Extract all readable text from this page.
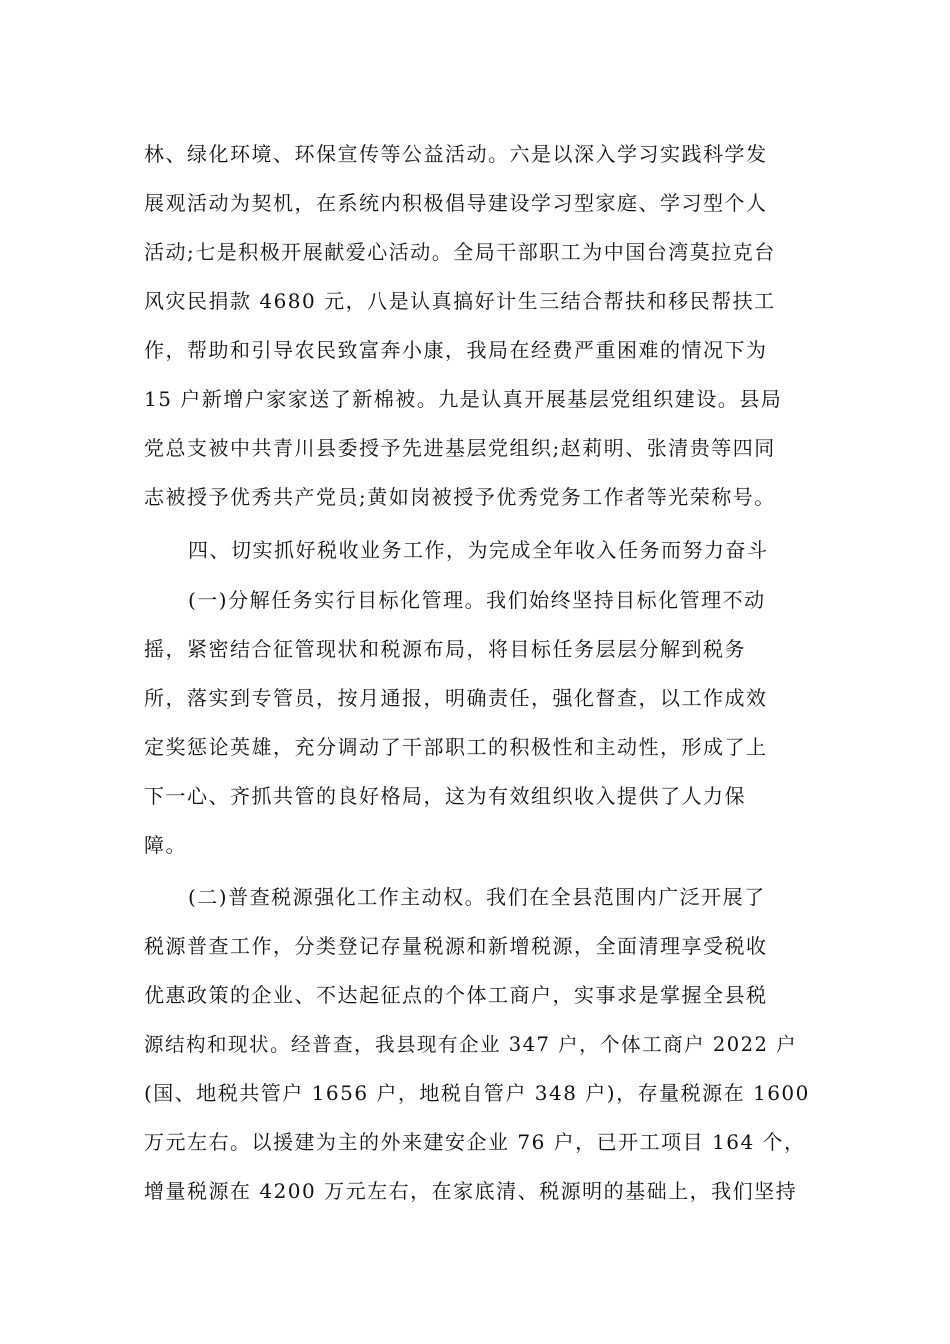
林、绿化环境、环保宣传等公益活动。六是以深入学习实践科学发
展观活动为契机，在系统内积极倡导建设学习型家庭、学习型个人
活动;七是积极开展献爱心活动。全局干部职工为中国台湾莫拉克台
风灾民捐款 4680 元，八是认真搞好计生三结合帮扶和移民帮扶工
作，帮助和引导农民致富奔小康，我局在经费严重困难的情况下为
15 户新增户家家送了新棉被。九是认真开展基层党组织建设。县局
党总支被中共青川县委授予先进基层党组织;赵莉明、张清贵等四同
志被授予优秀共产党员;黄如岗被授予优秀党务工作者等光荣称号。
四、切实抓好税收业务工作，为完成全年收入任务而努力奋斗
(一)分解任务实行目标化管理。我们始终坚持目标化管理不动
摇，紧密结合征管现状和税源布局，将目标任务层层分解到税务
所，落实到专管员，按月通报，明确责任，强化督查，以工作成效
定奖惩论英雄，充分调动了干部职工的积极性和主动性，形成了上
下一心、齐抓共管的良好格局，这为有效组织收入提供了人力保
障。
(二)普查税源强化工作主动权。我们在全县范围内广泛开展了
税源普查工作，分类登记存量税源和新增税源，全面清理享受税收
优惠政策的企业、不达起征点的个体工商户，实事求是掌握全县税
源结构和现状。经普查，我县现有企业 347 户，个体工商户 2022 户
(国、地税共管户 1656 户，地税自管户 348 户)，存量税源在 1600
万元左右。以援建为主的外来建安企业 76 户，已开工项目 164 个，
增量税源在 4200 万元左右，在家底清、税源明的基础上，我们坚持
